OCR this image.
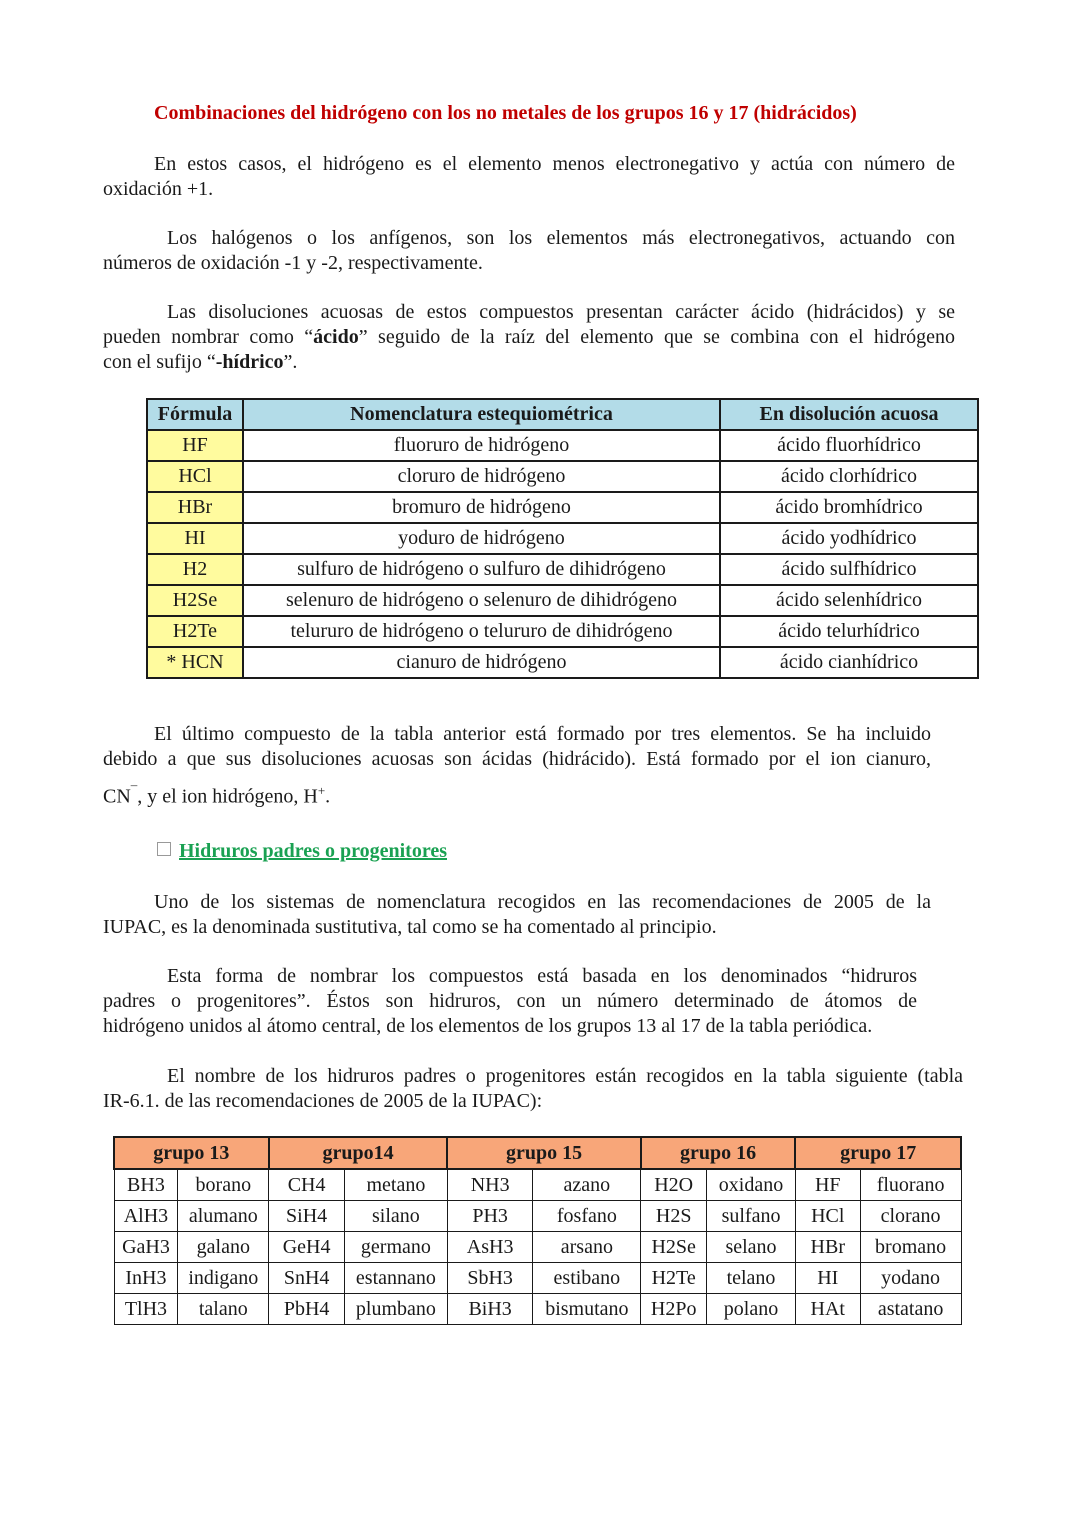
Combinaciones del hidrógeno con los no metales de los grupos 16 y 17 (hidrácidos)
En estos casos, el hidrógeno es el elemento menos electronegativo y actúa con número de
oxidación +1.
Los halógenos o los anfígenos, son los elementos más electronegativos, actuando con
números de oxidación -1 y -2, respectivamente.
Las disoluciones acuosas de estos compuestos presentan carácter ácido (hidrácidos) y se
pueden nombrar como “ácido” seguido de la raíz del elemento que se combina con el hidrógeno
con el sufijo “-hídrico”.
Fórmula	Nomenclatura estequiométrica	En disolución acuosa
HF	fluoruro de hidrógeno	ácido fluorhídrico
HCl	cloruro de hidrógeno	ácido clorhídrico
HBr	bromuro de hidrógeno	ácido bromhídrico
HI	yoduro de hidrógeno	ácido yodhídrico
H2	sulfuro de hidrógeno o sulfuro de dihidrógeno	ácido sulfhídrico
H2Se	selenuro de hidrógeno o selenuro de dihidrógeno	ácido selenhídrico
H2Te	telururo de hidrógeno o telururo de dihidrógeno	ácido telurhídrico
* HCN	cianuro de hidrógeno	ácido cianhídrico
El último compuesto de la tabla anterior está formado por tres elementos. Se ha incluido
debido a que sus disoluciones acuosas son ácidas (hidrácido). Está formado por el ion cianuro,
CN¯, y el ion hidrógeno, H+.
Hidruros padres o progenitores
Uno de los sistemas de nomenclatura recogidos en las recomendaciones de 2005 de la
IUPAC, es la denominada sustitutiva, tal como se ha comentado al principio.
Esta forma de nombrar los compuestos está basada en los denominados “hidruros
padres o progenitores”. Éstos son hidruros, con un número determinado de átomos de
hidrógeno unidos al átomo central, de los elementos de los grupos 13 al 17 de la tabla periódica.
El nombre de los hidruros padres o progenitores están recogidos en la tabla siguiente (tabla
IR-6.1. de las recomendaciones de 2005 de la IUPAC):
grupo 13		grupo14		grupo 15		grupo 16		grupo 17	
BH3	borano	CH4	metano	NH3	azano	H2O	oxidano	HF	fluorano
AlH3	alumano	SiH4	silano	PH3	fosfano	H2S	sulfano	HCl	clorano
GaH3	galano	GeH4	germano	AsH3	arsano	H2Se	selano	HBr	bromano
InH3	indigano	SnH4	estannano	SbH3	estibano	H2Te	telano	HI	yodano
TlH3	talano	PbH4	plumbano	BiH3	bismutano	H2Po	polano	HAt	astatano
